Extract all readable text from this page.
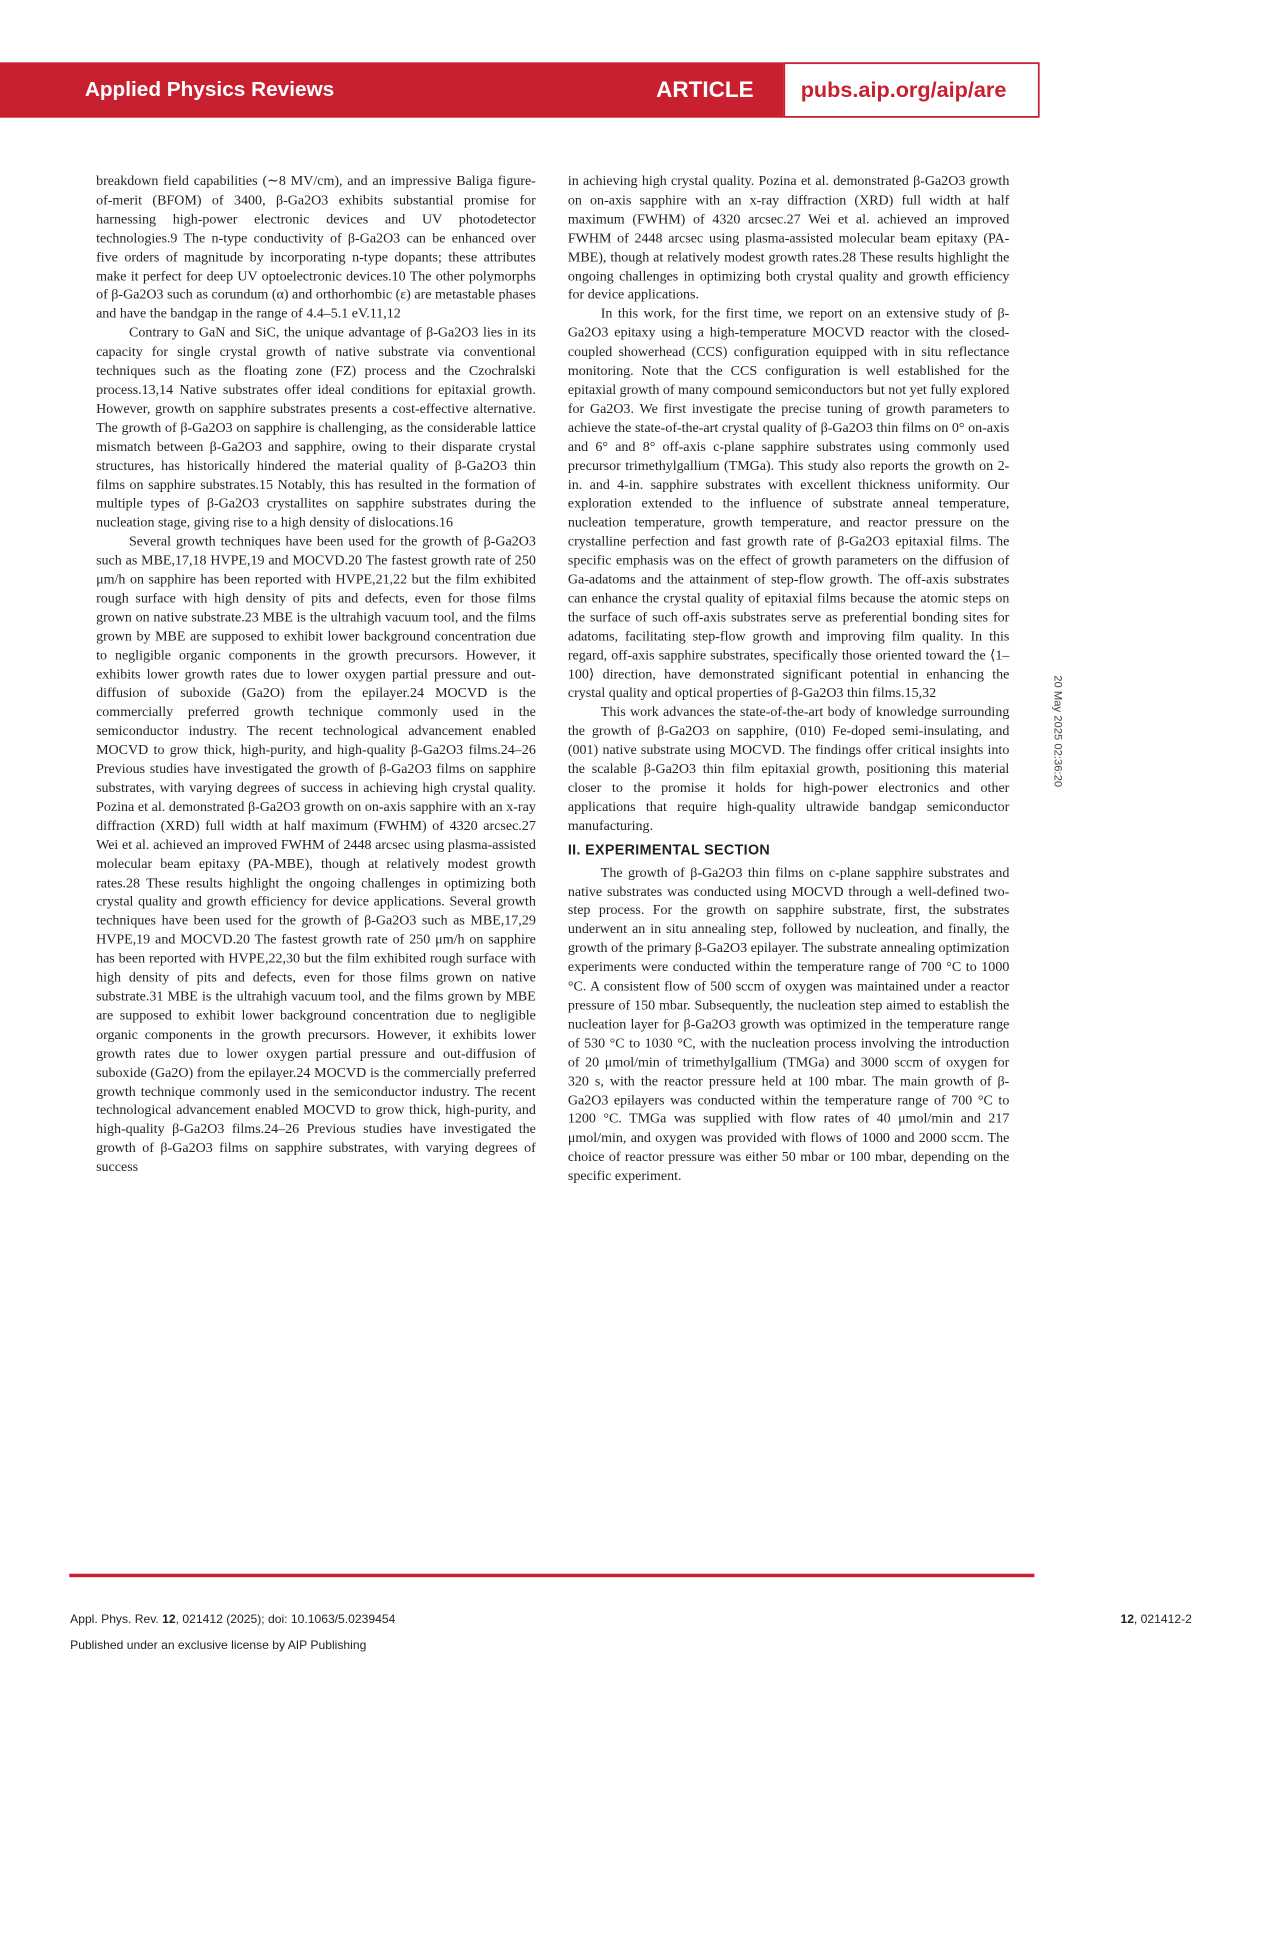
Applied Physics Reviews	ARTICLE pubs.aip.org/aip/are

breakdown field capabilities (∼8 MV/cm), and an impressive Baliga figure-of-merit (BFOM) of 3400, β-Ga2O3 exhibits substantial promise for harnessing high-power electronic devices and UV photodetector technologies.9 The n-type conductivity of β-Ga2O3 can be enhanced over five orders of magnitude by incorporating n-type dopants; these attributes make it perfect for deep UV optoelectronic devices.10 The other polymorphs of β-Ga2O3 such as corundum (α) and orthorhombic (ε) are metastable phases and have the bandgap in the range of 4.4–5.1 eV.11,12

Contrary to GaN and SiC, the unique advantage of β-Ga2O3 lies in its capacity for single crystal growth of native substrate via conventional techniques such as the floating zone (FZ) process and the Czochralski process.13,14 Native substrates offer ideal conditions for epitaxial growth. However, growth on sapphire substrates presents a cost-effective alternative. The growth of β-Ga2O3 on sapphire is challenging, as the considerable lattice mismatch between β-Ga2O3 and sapphire, owing to their disparate crystal structures, has historically hindered the material quality of β-Ga2O3 thin films on sapphire substrates.15 Notably, this has resulted in the formation of multiple types of β-Ga2O3 crystallites on sapphire substrates during the nucleation stage, giving rise to a high density of dislocations.16

Several growth techniques have been used for the growth of β-Ga2O3 such as MBE,17,18 HVPE,19 and MOCVD.20 The fastest growth rate of 250 μm/h on sapphire has been reported with HVPE,21,22 but the film exhibited rough surface with high density of pits and defects, even for those films grown on native substrate.23 MBE is the ultrahigh vacuum tool, and the films grown by MBE are supposed to exhibit lower background concentration due to negligible organic components in the growth precursors. However, it exhibits lower growth rates due to lower oxygen partial pressure and out-diffusion of suboxide (Ga2O) from the epilayer.24 MOCVD is the commercially preferred growth technique commonly used in the semiconductor industry. The recent technological advancement enabled MOCVD to grow thick, high-purity, and high-quality β-Ga2O3 films.24–26 Previous studies have investigated the growth of β-Ga2O3 films on sapphire substrates, with varying degrees of success in achieving high crystal quality. Pozina et al. demonstrated β-Ga2O3 growth on on-axis sapphire with an x-ray diffraction (XRD) full width at half maximum (FWHM) of 4320 arcsec.27 Wei et al. achieved an improved FWHM of 2448 arcsec using plasma-assisted molecular beam epitaxy (PA-MBE), though at relatively modest growth rates.28 These results highlight the ongoing challenges in optimizing both crystal quality and growth efficiency for device applications. Several growth techniques have been used for the growth of β-Ga2O3 such as MBE,17,29 HVPE,19 and MOCVD.20 The fastest growth rate of 250 μm/h on sapphire has been reported with HVPE,22,30 but the film exhibited rough surface with high density of pits and defects, even for those films grown on native substrate.31 MBE is the ultrahigh vacuum tool, and the films grown by MBE are supposed to exhibit lower background concentration due to negligible organic components in the growth precursors. However, it exhibits lower growth rates due to lower oxygen partial pressure and out-diffusion of suboxide (Ga2O) from the epilayer.24 MOCVD is the commercially preferred growth technique commonly used in the semiconductor industry. The recent technological advancement enabled MOCVD to grow thick, high-purity, and high-quality β-Ga2O3 films.24–26 Previous studies have investigated the growth of β-Ga2O3 films on sapphire substrates, with varying degrees of success

in achieving high crystal quality. Pozina et al. demonstrated β-Ga2O3 growth on on-axis sapphire with an x-ray diffraction (XRD) full width at half maximum (FWHM) of 4320 arcsec.27 Wei et al. achieved an improved FWHM of 2448 arcsec using plasma-assisted molecular beam epitaxy (PA-MBE), though at relatively modest growth rates.28 These results highlight the ongoing challenges in optimizing both crystal quality and growth efficiency for device applications.

In this work, for the first time, we report on an extensive study of β-Ga2O3 epitaxy using a high-temperature MOCVD reactor with the closed-coupled showerhead (CCS) configuration equipped with in situ reflectance monitoring. Note that the CCS configuration is well established for the epitaxial growth of many compound semiconductors but not yet fully explored for Ga2O3. We first investigate the precise tuning of growth parameters to achieve the state-of-the-art crystal quality of β-Ga2O3 thin films on 0° on-axis and 6° and 8° off-axis c-plane sapphire substrates using commonly used precursor trimethylgallium (TMGa). This study also reports the growth on 2-in. and 4-in. sapphire substrates with excellent thickness uniformity. Our exploration extended to the influence of substrate anneal temperature, nucleation temperature, growth temperature, and reactor pressure on the crystalline perfection and fast growth rate of β-Ga2O3 epitaxial films. The specific emphasis was on the effect of growth parameters on the diffusion of Ga-adatoms and the attainment of step-flow growth. The off-axis substrates can enhance the crystal quality of epitaxial films because the atomic steps on the surface of such off-axis substrates serve as preferential bonding sites for adatoms, facilitating step-flow growth and improving film quality. In this regard, off-axis sapphire substrates, specifically those oriented toward the ⟨1–100⟩ direction, have demonstrated significant potential in enhancing the crystal quality and optical properties of β-Ga2O3 thin films.15,32

This work advances the state-of-the-art body of knowledge surrounding the growth of β-Ga2O3 on sapphire, (010) Fe-doped semi-insulating, and (001) native substrate using MOCVD. The findings offer critical insights into the scalable β-Ga2O3 thin film epitaxial growth, positioning this material closer to the promise it holds for high-power electronics and other applications that require high-quality ultrawide bandgap semiconductor manufacturing.

II. EXPERIMENTAL SECTION

The growth of β-Ga2O3 thin films on c-plane sapphire substrates and native substrates was conducted using MOCVD through a well-defined two-step process. For the growth on sapphire substrate, first, the substrates underwent an in situ annealing step, followed by nucleation, and finally, the growth of the primary β-Ga2O3 epilayer. The substrate annealing optimization experiments were conducted within the temperature range of 700 °C to 1000 °C. A consistent flow of 500 sccm of oxygen was maintained under a reactor pressure of 150 mbar. Subsequently, the nucleation step aimed to establish the nucleation layer for β-Ga2O3 growth was optimized in the temperature range of 530 °C to 1030 °C, with the nucleation process involving the introduction of 20 μmol/min of trimethylgallium (TMGa) and 3000 sccm of oxygen for 320 s, with the reactor pressure held at 100 mbar. The main growth of β-Ga2O3 epilayers was conducted within the temperature range of 700 °C to 1200 °C. TMGa was supplied with flow rates of 40 μmol/min and 217 μmol/min, and oxygen was provided with flows of 1000 and 2000 sccm. The choice of reactor pressure was either 50 mbar or 100 mbar, depending on the specific experiment.

20 May 2025 02:36:20
Appl. Phys. Rev. 12, 021412 (2025); doi: 10.1063/5.0239454
Published under an exclusive license by AIP Publishing
12, 021412-2
